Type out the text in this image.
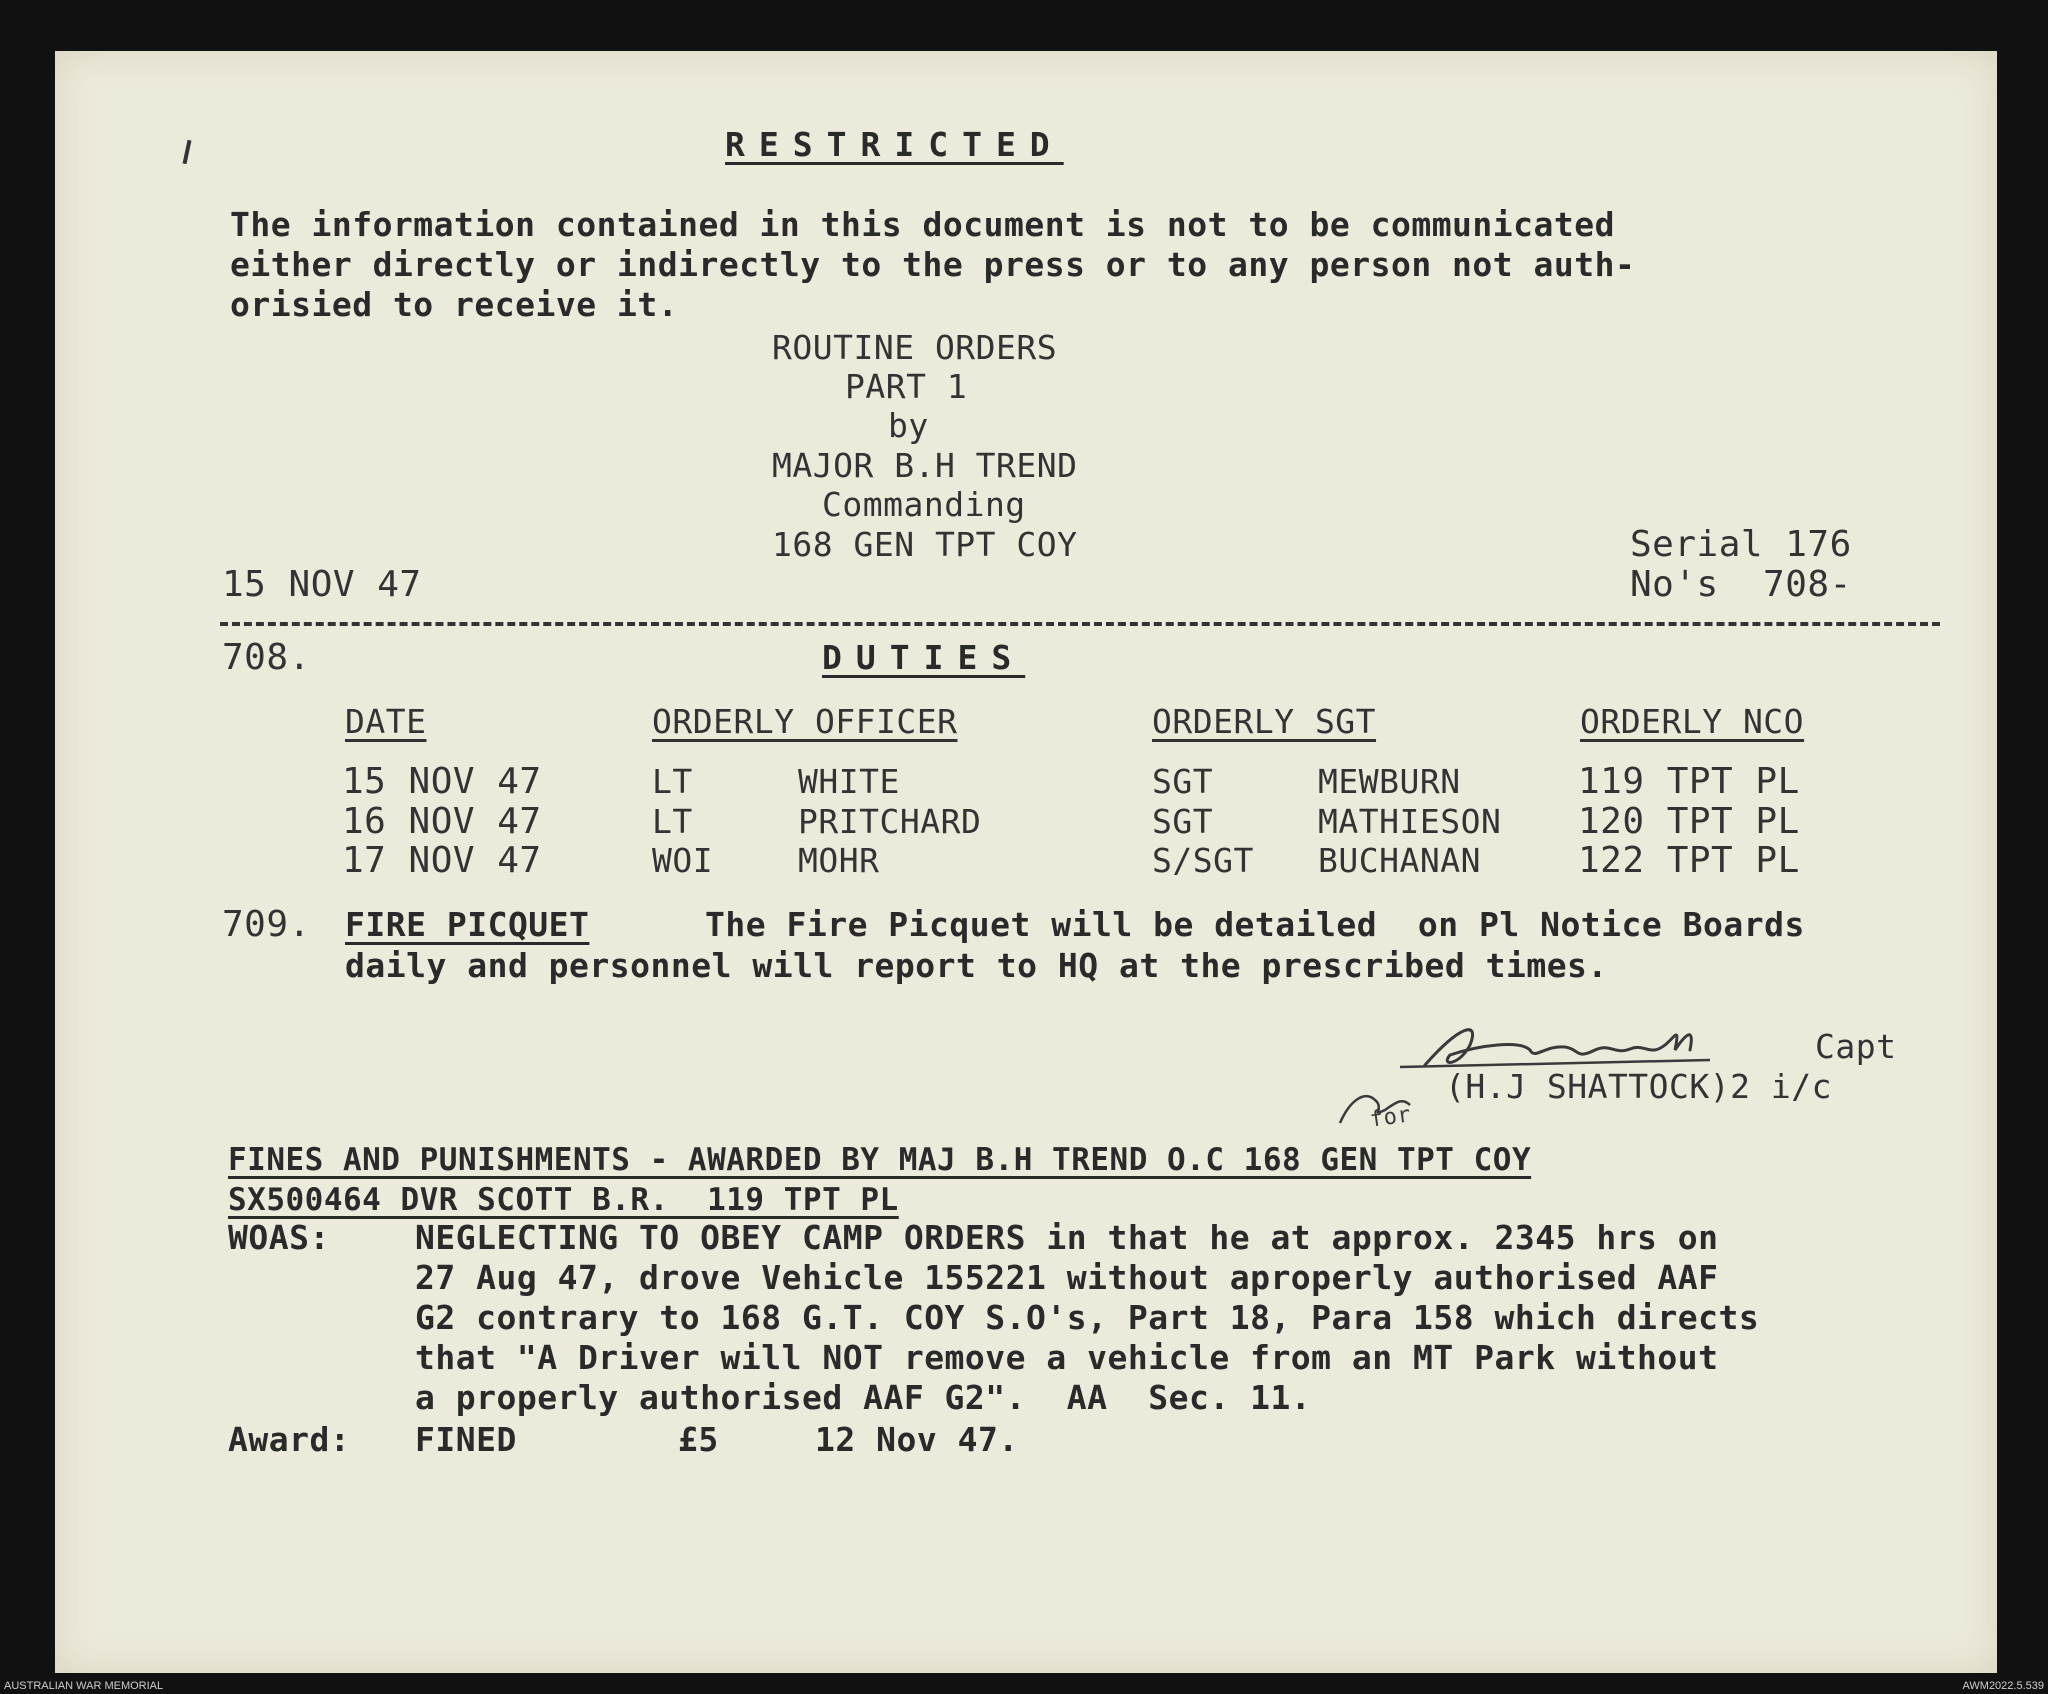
RESTRICTED
The information contained in this document is not to be communicated
either directly or indirectly to the press or to any person not auth-
orisied to receive it.
ROUTINE ORDERS
PART 1
by
MAJOR B.H TREND
Commanding
168 GEN TPT COY
15 NOV 47
Serial 176
No's  708-
708.	DUTIES
DATE	ORDERLY OFFICER	ORDERLY SGT	ORDERLY NCO
15 NOV 47	LT	WHITE	SGT	MEWBURN	119 TPT PL
16 NOV 47	LT	PRITCHARD	SGT	MATHIESON 120 TPT PL
17 NOV 47	WOI	MOHR	S/SGT BUCHANAN	122 TPT PL
709. FIRE PICQUET	The Fire Picquet will be detailed  on Pl Notice Boards
daily and personnel will report to HQ at the prescribed times.
for
Capt
(H.J SHATTOCK)2 i/c
FINES AND PUNISHMENTS - AWARDED BY MAJ B.H TREND O.C 168 GEN TPT COY
SX500464 DVR SCOTT B.R.  119 TPT PL
WOAS:	NEGLECTING TO OBEY CAMP ORDERS in that he at approx. 2345 hrs on
27 Aug 47, drove Vehicle 155221 without aproperly authorised AAF
G2 contrary to 168 G.T. COY S.O's, Part 18, Para 158 which directs
that "A Driver will NOT remove a vehicle from an MT Park without
a properly authorised AAF G2".  AA  Sec. 11.
Award: FINED	£5	12 Nov 47.
AUSTRALIAN WAR MEMORIAL	AWM2022.5.539
